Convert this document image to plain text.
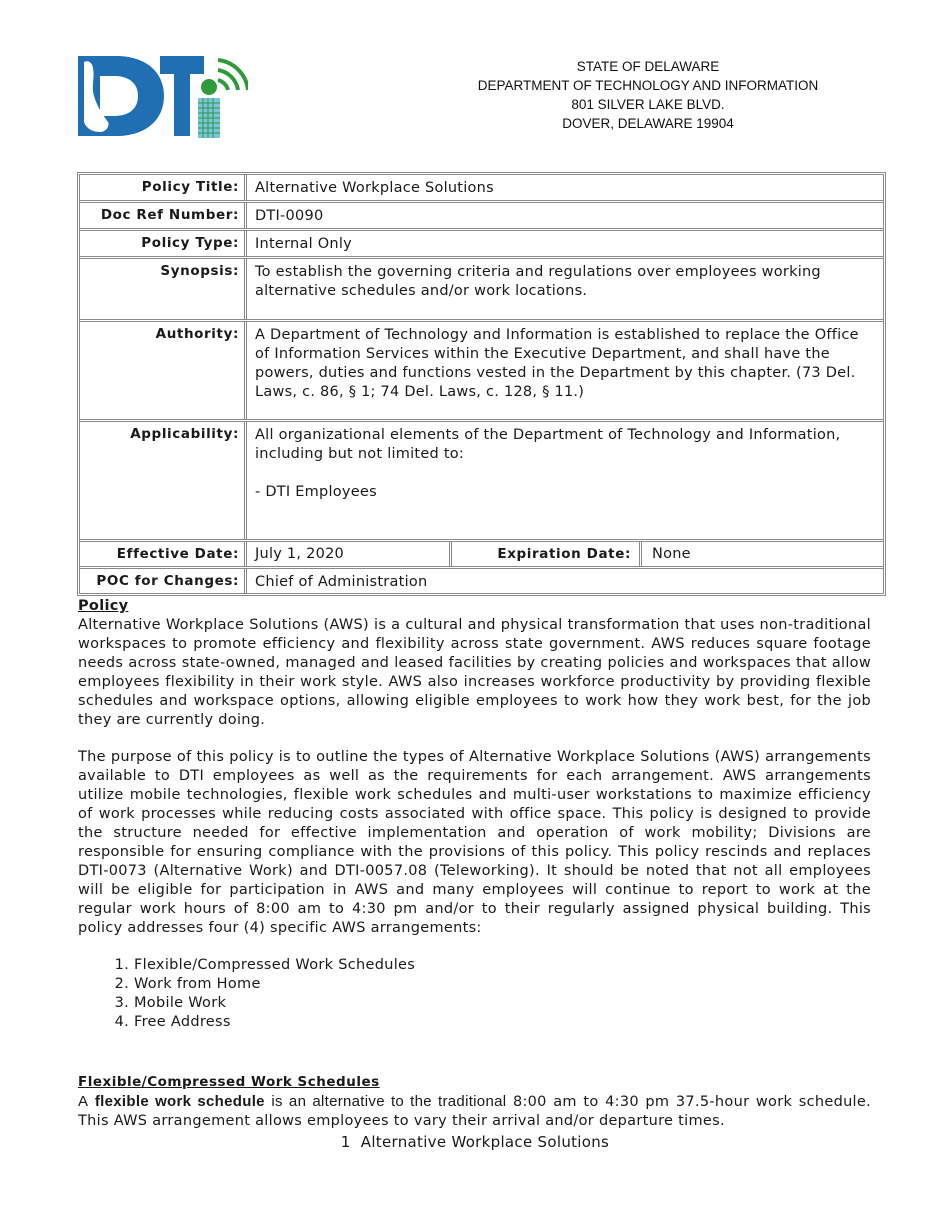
STATE OF DELAWARE
DEPARTMENT OF TECHNOLOGY AND INFORMATION
801 SILVER LAKE BLVD.
DOVER, DELAWARE 19904
Policy Title:	Alternative Workplace Solutions
Doc Ref Number:	DTI-0090
Policy Type:	Internal Only
Synopsis:	To establish the governing criteria and regulations over employees working alternative schedules and/or work locations.
Authority:	A Department of Technology and Information is established to replace the Office of Information Services within the Executive Department, and shall have the powers, duties and functions vested in the Department by this chapter. (73 Del. Laws, c. 86, § 1; 74 Del. Laws, c. 128, § 11.)
Applicability:	All organizational elements of the Department of Technology and Information, including but not limited to:
- DTI Employees
Effective Date:	July 1, 2020	Expiration Date:	None
POC for Changes:	Chief of Administration
Policy
Alternative Workplace Solutions (AWS) is a cultural and physical transformation that uses non-traditional workspaces to promote efficiency and flexibility across state government. AWS reduces square footage needs across state-owned, managed and leased facilities by creating policies and workspaces that allow employees flexibility in their work style. AWS also increases workforce productivity by providing flexible schedules and workspace options, allowing eligible employees to work how they work best, for the job they are currently doing.
The purpose of this policy is to outline the types of Alternative Workplace Solutions (AWS) arrangements available to DTI employees as well as the requirements for each arrangement. AWS arrangements utilize mobile technologies, flexible work schedules and multi-user workstations to maximize efficiency of work processes while reducing costs associated with office space. This policy is designed to provide the structure needed for effective implementation and operation of work mobility; Divisions are responsible for ensuring compliance with the provisions of this policy. This policy rescinds and replaces DTI-0073 (Alternative Work) and DTI-0057.08 (Teleworking). It should be noted that not all employees will be eligible for participation in AWS and many employees will continue to report to work at the regular work hours of 8:00 am to 4:30 pm and/or to their regularly assigned physical building. This policy addresses four (4) specific AWS arrangements:
1. Flexible/Compressed Work Schedules
2. Work from Home
3. Mobile Work
4. Free Address
Flexible/Compressed Work Schedules
A flexible work schedule is an alternative to the traditional 8:00 am to 4:30 pm 37.5-hour work schedule. This AWS arrangement allows employees to vary their arrival and/or departure times.
1 Alternative Workplace Solutions
